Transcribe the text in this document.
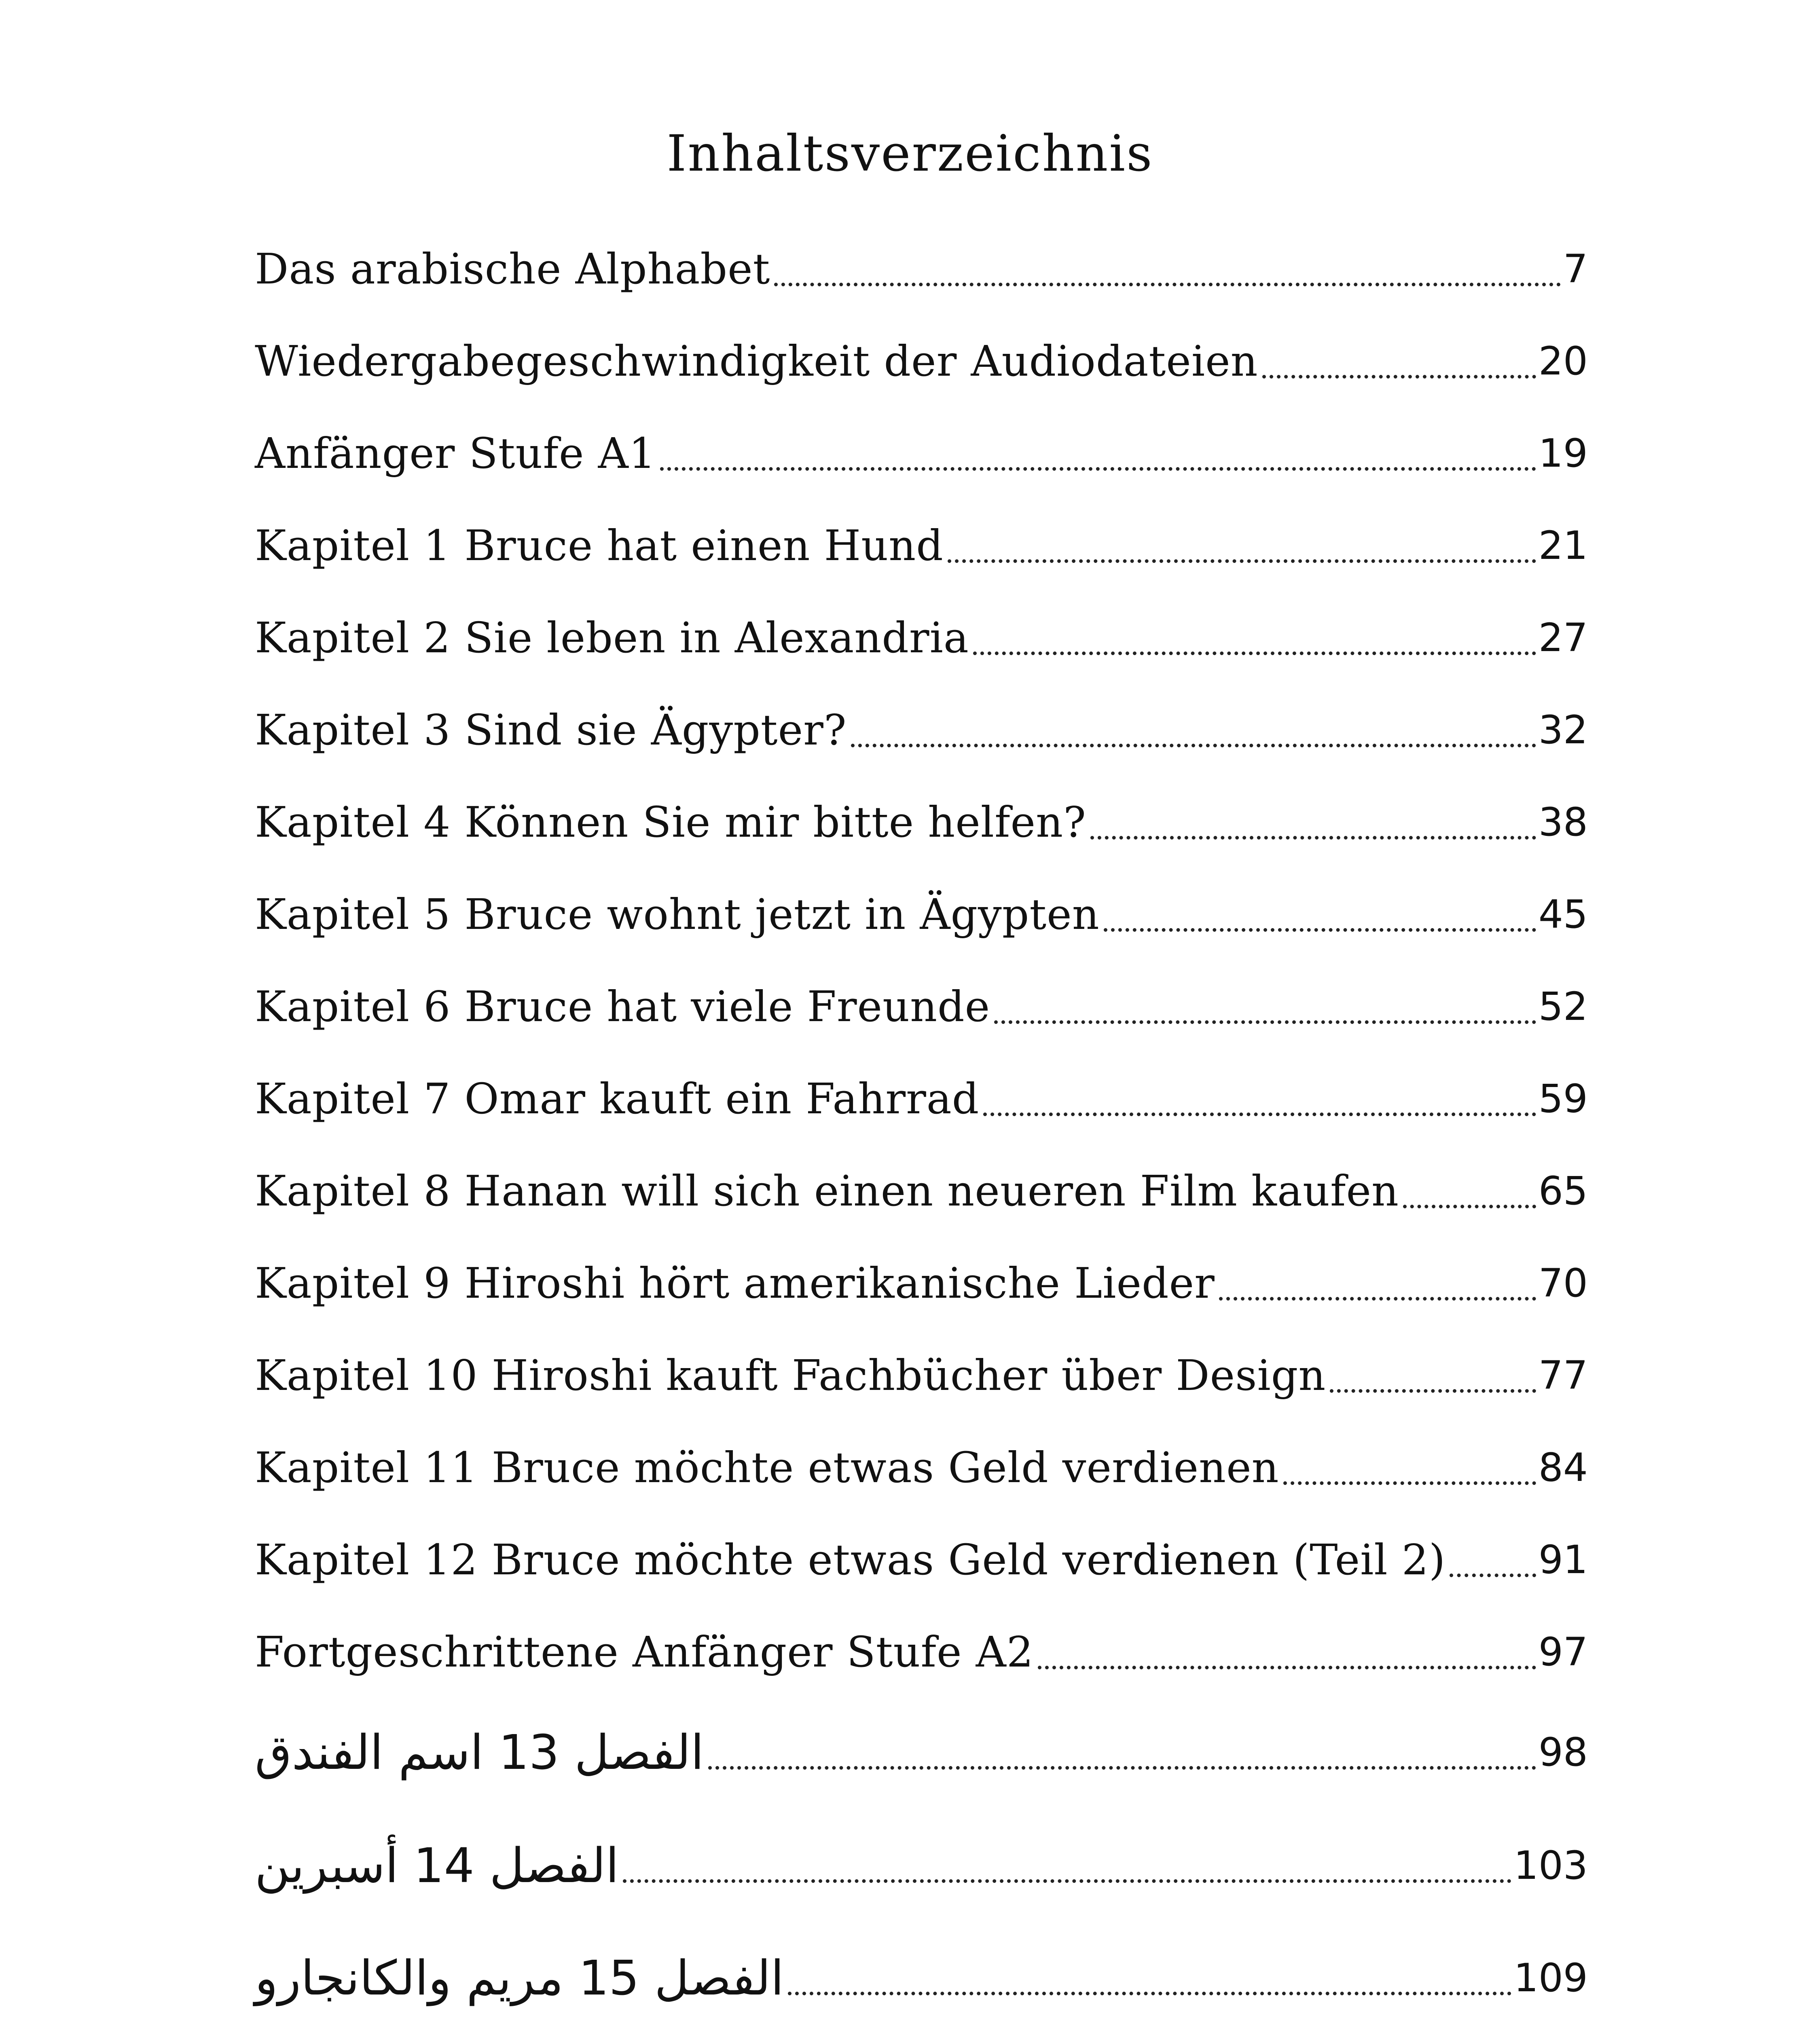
Inhaltsverzeichnis
Das arabische Alphabet	7
Wiedergabegeschwindigkeit der Audiodateien	20
Anfänger Stufe A1	19
Kapitel 1 Bruce hat einen Hund	21
Kapitel 2 Sie leben in Alexandria	27
Kapitel 3 Sind sie Ägypter?	32
Kapitel 4 Können Sie mir bitte helfen?	38
Kapitel 5 Bruce wohnt jetzt in Ägypten	45
Kapitel 6 Bruce hat viele Freunde	52
Kapitel 7 Omar kauft ein Fahrrad	59
Kapitel 8 Hanan will sich einen neueren Film kaufen	65
Kapitel 9 Hiroshi hört amerikanische Lieder	70
Kapitel 10 Hiroshi kauft Fachbücher über Design	77
Kapitel 11 Bruce möchte etwas Geld verdienen	84
Kapitel 12 Bruce möchte etwas Geld verdienen (Teil 2) 91
Fortgeschrittene Anfänger Stufe A2	97
الفصل 13 اسم الفندق	98
الفصل 14 أسبرين	103
الفصل 15 مريم والكانجارو	109
